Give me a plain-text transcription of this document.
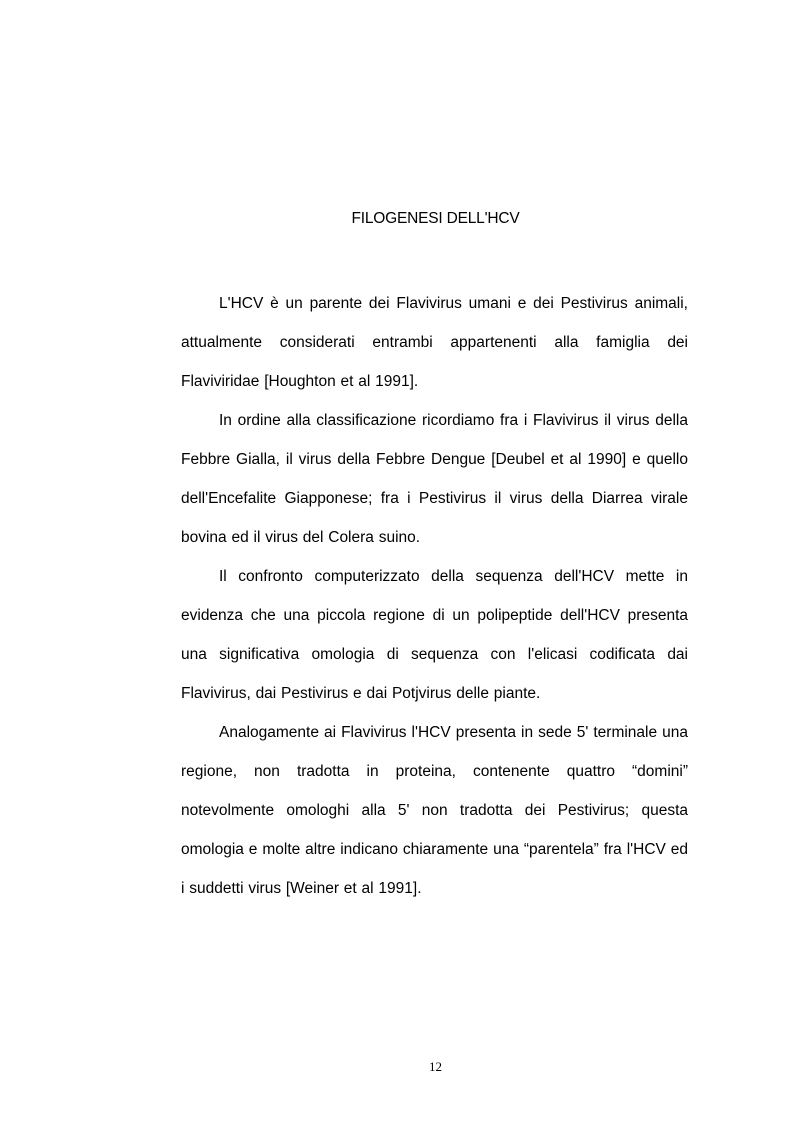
FILOGENESI DELL'HCV

L'HCV è un parente dei Flavivirus umani e dei Pestivirus animali, attualmente considerati entrambi appartenenti alla famiglia dei Flaviviridae [Houghton et al 1991].

In ordine alla classificazione ricordiamo fra i Flavivirus il virus della Febbre Gialla, il virus della Febbre Dengue [Deubel et al 1990] e quello dell'Encefalite Giapponese; fra i Pestivirus il virus della Diarrea virale bovina ed il virus del Colera suino.

Il confronto computerizzato della sequenza dell'HCV mette in evidenza che una piccola regione di un polipeptide dell'HCV presenta una significativa omologia di sequenza con l'elicasi codificata dai Flavivirus, dai Pestivirus e dai Potjvirus delle piante.

Analogamente ai Flavivirus l'HCV presenta in sede 5' terminale una regione, non tradotta in proteina, contenente quattro “domini” notevolmente omologhi alla 5' non tradotta dei Pestivirus; questa omologia e molte altre indicano chiaramente una “parentela” fra l'HCV ed i suddetti virus [Weiner et al 1991].

12
